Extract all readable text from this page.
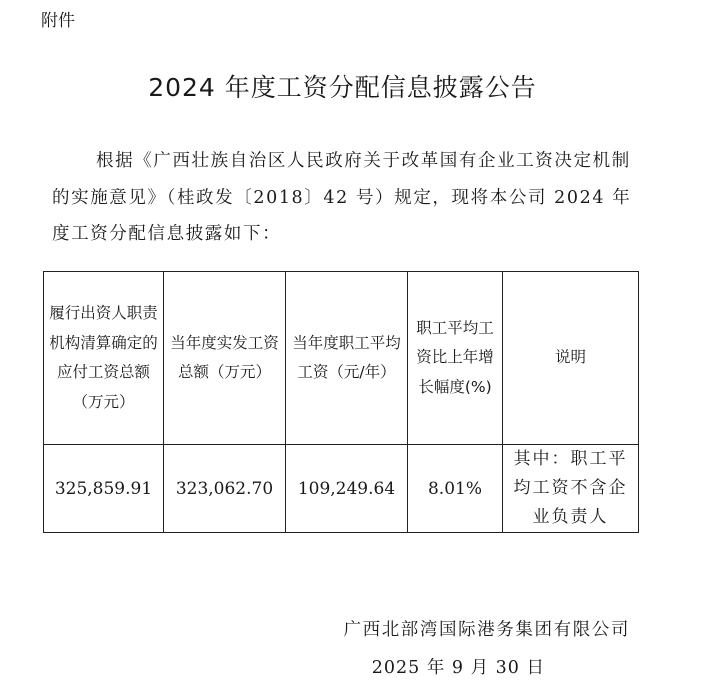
附件
2024 年度工资分配信息披露公告

根据《广西壮族自治区人民政府关于改革国有企业工资决定机制的实施意见》（桂政发〔2018〕42 号）规定，现将本公司 2024 年度工资分配信息披露如下：

履行出资人职责机构清算确定的应付工资总额（万元）	当年度实发工资总额（万元）	当年度职工平均工资（元/年）	职工平均工资比上年增长幅度(%)	说明
325,859.91	323,062.70	109,249.64	8.01%	其中：职工平均工资不含企业负责人
广西北部湾国际港务集团有限公司
2025 年 9 月 30 日
